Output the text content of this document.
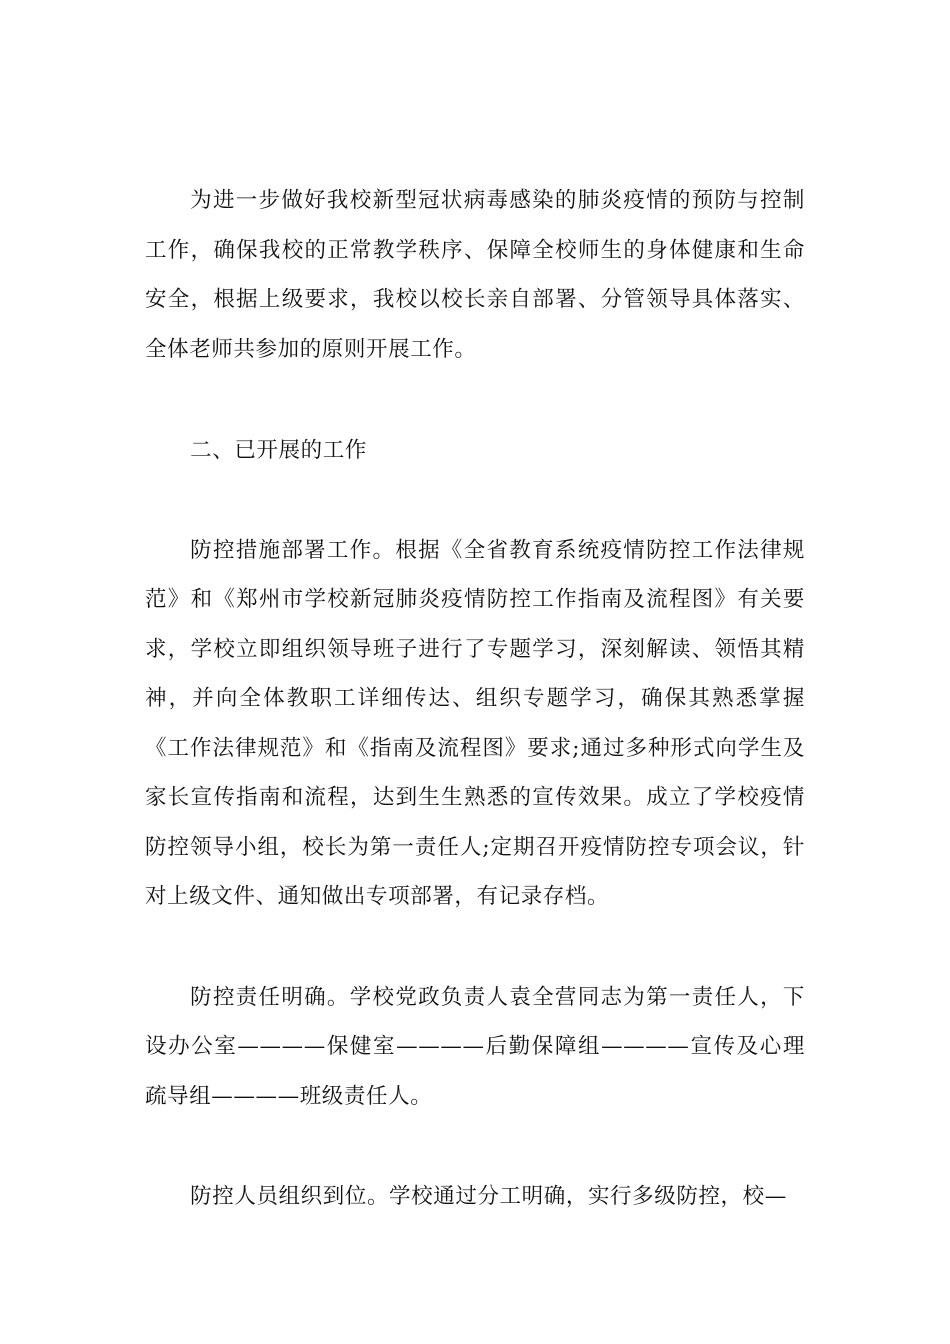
为进一步做好我校新型冠状病毒感染的肺炎疫情的预防与控制工作，确保我校的正常教学秩序、保障全校师生的身体健康和生命安全，根据上级要求，我校以校长亲自部署、分管领导具体落实、全体老师共参加的原则开展工作。

二、已开展的工作

防控措施部署工作。根据《全省教育系统疫情防控工作法律规范》和《郑州市学校新冠肺炎疫情防控工作指南及流程图》有关要求，学校立即组织领导班子进行了专题学习，深刻解读、领悟其精神，并向全体教职工详细传达、组织专题学习，确保其熟悉掌握《工作法律规范》和《指南及流程图》要求;通过多种形式向学生及家长宣传指南和流程，达到生生熟悉的宣传效果。成立了学校疫情防控领导小组，校长为第一责任人;定期召开疫情防控专项会议，针对上级文件、通知做出专项部署，有记录存档。

防控责任明确。学校党政负责人袁全营同志为第一责任人，下设办公室————保健室————后勤保障组————宣传及心理疏导组————班级责任人。

防控人员组织到位。学校通过分工明确，实行多级防控，校—
